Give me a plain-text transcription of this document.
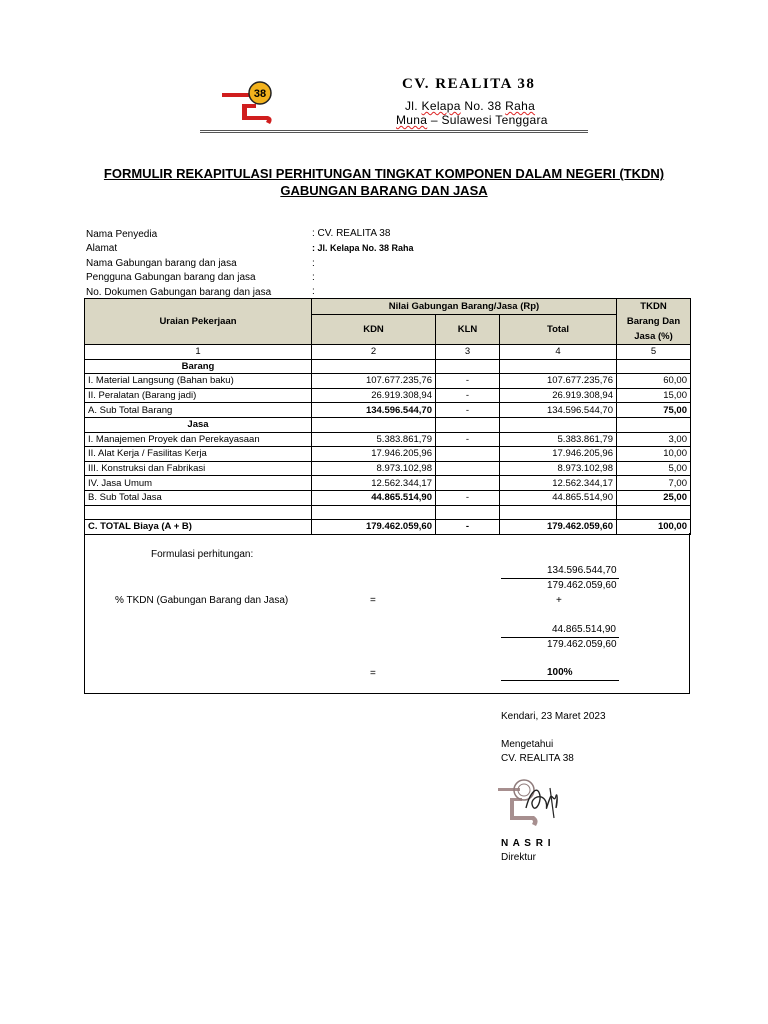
38
CV. REALITA 38
Jl. Kelapa No. 38 Raha
Muna – Sulawesi Tenggara
FORMULIR REKAPITULASI PERHITUNGAN TINGKAT KOMPONEN DALAM NEGERI (TKDN)
GABUNGAN BARANG DAN JASA
Nama Penyedia	: CV. REALITA 38
Alamat	: Jl. Kelapa No. 38 Raha
Nama Gabungan barang dan jasa	:
Pengguna Gabungan barang dan jasa	:
No. Dokumen Gabungan barang dan jasa	:
Uraian Pekerjaan	Nilai Gabungan Barang/Jasa (Rp)			TKDN
Barang Dan
Jasa (%)
	KDN	KLN	Total	
1	2	3	4	5
Barang				
I. Material Langsung (Bahan baku)	107.677.235,76	-	107.677.235,76	60,00
II. Peralatan (Barang jadi)	26.919.308,94	-	26.919.308,94	15,00
A. Sub Total Barang	134.596.544,70	-	134.596.544,70	75,00
Jasa				
I. Manajemen Proyek dan Perekayasaan	5.383.861,79	-	5.383.861,79	3,00
II. Alat Kerja / Fasilitas Kerja	17.946.205,96		17.946.205,96	10,00
III. Konstruksi dan Fabrikasi	8.973.102,98		8.973.102,98	5,00
IV. Jasa Umum	12.562.344,17		12.562.344,17	7,00
B. Sub Total Jasa	44.865.514,90	-	44.865.514,90	25,00

C. TOTAL Biaya (A + B)	179.462.059,60	-	179.462.059,60	100,00
Formulasi perhitungan:
% TKDN (Gabungan Barang dan Jasa)	=
134.596.544,70
179.462.059,60
+
44.865.514,90
179.462.059,60
=	100%
Kendari, 23 Maret 2023
Mengetahui
CV. REALITA 38
N A S R I
Direktur
